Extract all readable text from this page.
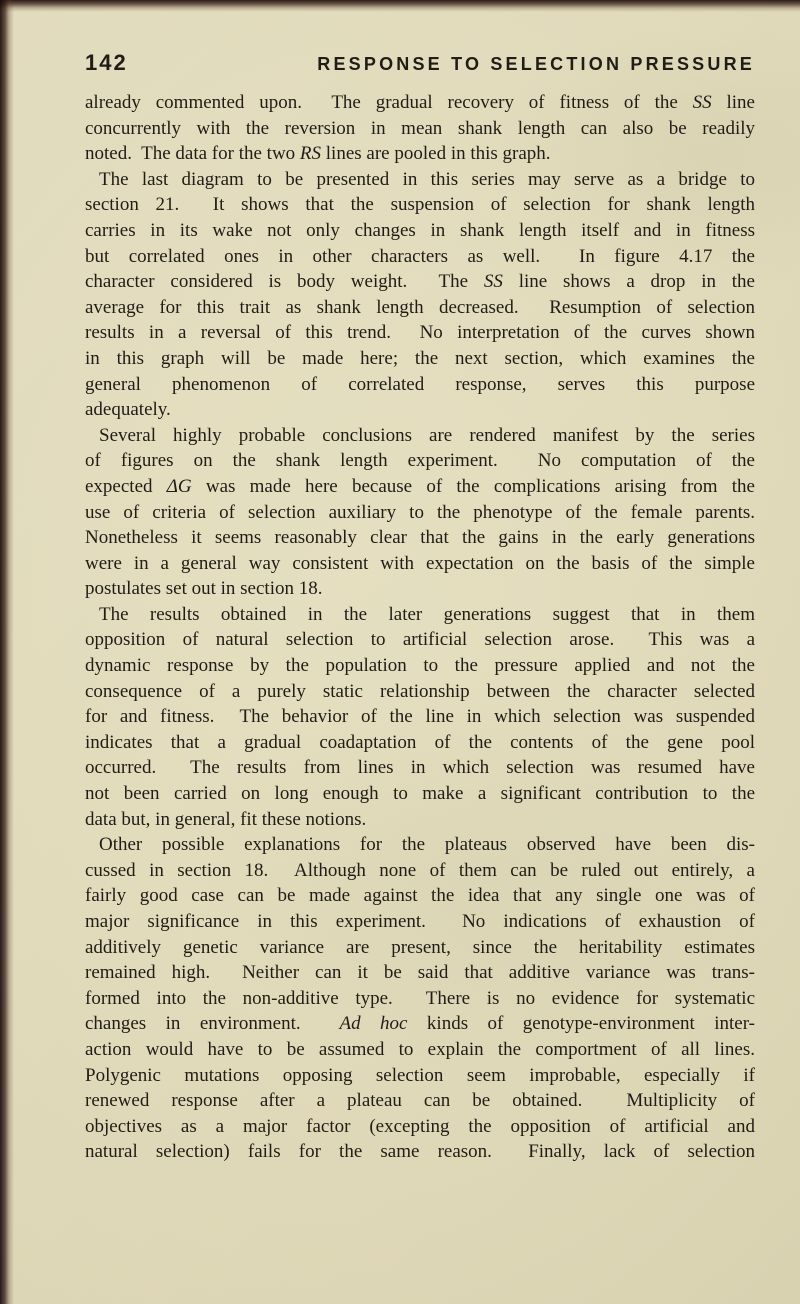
142	RESPONSE TO SELECTION PRESSURE
already commented upon.  The gradual recovery of fitness of the SS line
concurrently with the reversion in mean shank length can also be readily
noted.  The data for the two RS lines are pooled in this graph.
The last diagram to be presented in this series may serve as a bridge to
section 21.  It shows that the suspension of selection for shank length
carries in its wake not only changes in shank length itself and in fitness
but correlated ones in other characters as well.  In figure 4.17 the
character considered is body weight.  The SS line shows a drop in the
average for this trait as shank length decreased.  Resumption of selection
results in a reversal of this trend.  No interpretation of the curves shown
in this graph will be made here; the next section, which examines the
general phenomenon of correlated response, serves this purpose
adequately.
Several highly probable conclusions are rendered manifest by the series
of figures on the shank length experiment.  No computation of the
expected ΔG was made here because of the complications arising from the
use of criteria of selection auxiliary to the phenotype of the female parents.
Nonetheless it seems reasonably clear that the gains in the early generations
were in a general way consistent with expectation on the basis of the simple
postulates set out in section 18.
The results obtained in the later generations suggest that in them
opposition of natural selection to artificial selection arose.  This was a
dynamic response by the population to the pressure applied and not the
consequence of a purely static relationship between the character selected
for and fitness.  The behavior of the line in which selection was suspended
indicates that a gradual coadaptation of the contents of the gene pool
occurred.  The results from lines in which selection was resumed have
not been carried on long enough to make a significant contribution to the
data but, in general, fit these notions.
Other possible explanations for the plateaus observed have been dis-
cussed in section 18.  Although none of them can be ruled out entirely, a
fairly good case can be made against the idea that any single one was of
major significance in this experiment.  No indications of exhaustion of
additively genetic variance are present, since the heritability estimates
remained high.  Neither can it be said that additive variance was trans-
formed into the non-additive type.  There is no evidence for systematic
changes in environment.  Ad hoc kinds of genotype-environment inter-
action would have to be assumed to explain the comportment of all lines.
Polygenic mutations opposing selection seem improbable, especially if
renewed response after a plateau can be obtained.  Multiplicity of
objectives as a major factor (excepting the opposition of artificial and
natural selection) fails for the same reason.  Finally, lack of selection
